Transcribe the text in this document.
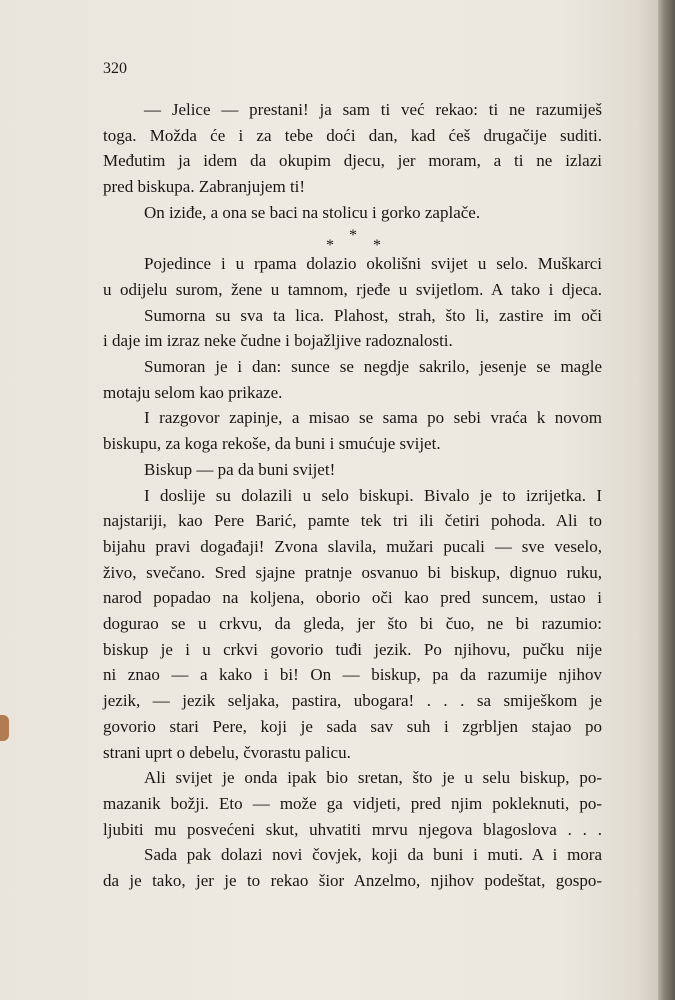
320

— Jelice — prestani! ja sam ti već rekao: ti ne razumiješ
toga. Možda će i za tebe doći dan, kad ćeš drugačije suditi.
Međutim ja idem da okupim djecu, jer moram, a ti ne izlazi
pred biskupa. Zabranjujem ti!
On iziđe, a ona se baci na stolicu i gorko zaplače.
*
* *
Pojedince i u rpama dolazio okolišni svijet u selo. Muškarci
u odijelu surom, žene u tamnom, rjeđe u svijetlom. A tako i djeca.
Sumorna su sva ta lica. Plahost, strah, što li, zastire im oči
i daje im izraz neke čudne i bojažljive radoznalosti.
Sumoran je i dan: sunce se negdje sakrilo, jesenje se magle
motaju selom kao prikaze.
I razgovor zapinje, a misao se sama po sebi vraća k novom
biskupu, za koga rekoše, da buni i smućuje svijet.
Biskup — pa da buni svijet!
I doslije su dolazili u selo biskupi. Bivalo je to izrijetka. I
najstariji, kao Pere Barić, pamte tek tri ili četiri pohoda. Ali to
bijahu pravi događaji! Zvona slavila, mužari pucali — sve veselo,
živo, svečano. Sred sjajne pratnje osvanuo bi biskup, dignuo ruku,
narod popadao na koljena, oborio oči kao pred suncem, ustao i
dogurao se u crkvu, da gleda, jer što bi čuo, ne bi razumio:
biskup je i u crkvi govorio tuđi jezik. Po njihovu, pučku nije
ni znao — a kako i bi! On — biskup, pa da razumije njihov
jezik, — jezik seljaka, pastira, ubogara! . . . sa smiješkom je
govorio stari Pere, koji je sada sav suh i zgrbljen stajao po
strani uprt o debelu, čvorastu palicu.
Ali svijet je onda ipak bio sretan, što je u selu biskup, po-
mazanik božji. Eto — može ga vidjeti, pred njim pokleknuti, po-
ljubiti mu posvećeni skut, uhvatiti mrvu njegova blagoslova . . .
Sada pak dolazi novi čovjek, koji da buni i muti. A i mora
da je tako, jer je to rekao šior Anzelmo, njihov podeštat, gospo-
